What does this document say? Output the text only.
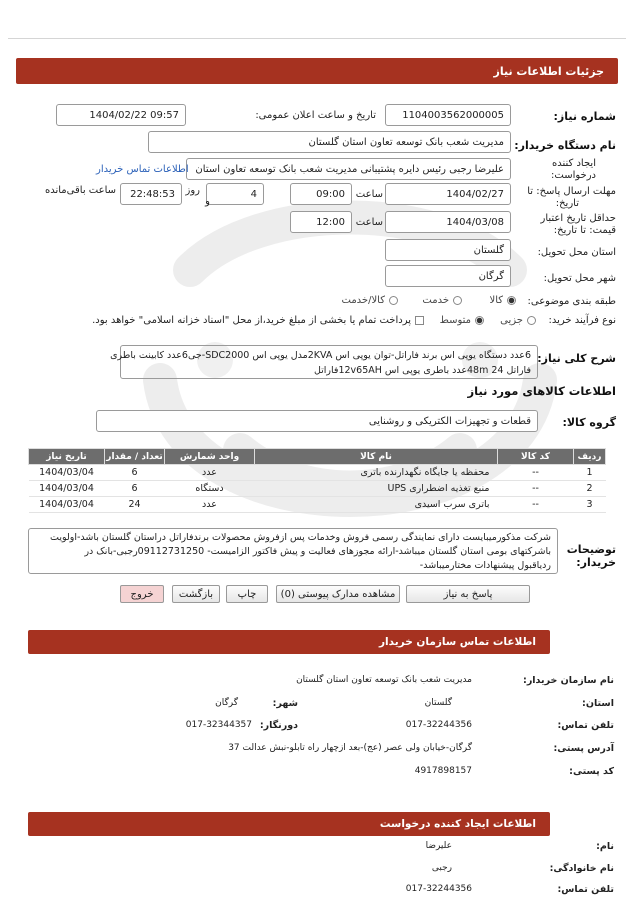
جزئیات اطلاعات نیاز
شماره نیاز:
1104003562000005
تاریخ و ساعت اعلان عمومی:
1404/02/22 09:57
نام دستگاه خریدار:
مدیریت شعب بانک توسعه تعاون استان گلستان
ایجاد کننده
درخواست:
علیرضا رجبی رئیس دایره پشتیبانی مدیریت شعب بانک توسعه تعاون استان
اطلاعات تماس خریدار
مهلت ارسال پاسخ: تا
تاریخ:
1404/02/27
ساعت
09:00
4
روز
و
22:48:53
ساعت باقی‌مانده
حداقل تاریخ اعتبار
قیمت: تا تاریخ:
1404/03/08
ساعت
12:00
استان محل تحویل:
گلستان
شهر محل تحویل:
گرگان
طبقه بندی موضوعی:
کالا
خدمت
کالا/خدمت
نوع فرآیند خرید:
جزیی
متوسط
پرداخت تمام یا بخشی از مبلغ خرید،از محل "اسناد خزانه اسلامی" خواهد بود.
شرح کلی نیاز:
6عدد دستگاه یوپی اس برند فاراتل-توان یوپی اس 2KVAمدل یوپی اس SDC2000-جی6عدد کابینت باطری
فاراتل 24 48mعدد باطری یوپی اس 12v65AHفاراتل
اطلاعات کالاهای مورد نیاز
گروه کالا:
قطعات و تجهیزات الکتریکی و روشنایی
ردیف	کد کالا	نام کالا	واحد شمارش	تعداد / مقدار	تاریخ نیاز
1	--	محفظه یا جایگاه نگهدارنده باتری	عدد	6	1404/03/04
2	--	منبع تغذیه اضطراری UPS	دستگاه	6	1404/03/04
3	--	باتری سرب اسیدی	عدد	24	1404/03/04
توضیحات
خریدار:
شرکت مذکورمیبایست دارای نمایندگی رسمی فروش وخدمات پس ازفروش محصولات برندفاراتل دراستان گلستان باشد-اولویت
باشرکتهای بومی استان گلستان میباشد-ارائه مجوزهای فعالیت و پیش فاکتور الزامیست- 09112731250رجبی-بانک در
ردیاقبول پیشنهادات مختارمیباشد-
پاسخ به نیاز
مشاهده مدارک پیوستی (0)
چاپ
بازگشت
خروج
اطلاعات تماس سازمان خریدار
نام سازمان خریدار:
مدیریت شعب بانک توسعه تعاون استان گلستان
استان:
گلستان
شهر:
گرگان
تلفن تماس:
017-32244356
دورنگار:
017-32344357
آدرس پستی:
گرگان-خیابان ولی عصر (عج)-بعد ازچهار راه تابلو-نبش عدالت 37
کد پستی:
4917898157
اطلاعات ایجاد کننده درخواست
نام:
علیرضا
نام خانوادگی:
رجبی
تلفن تماس:
017-32244356
